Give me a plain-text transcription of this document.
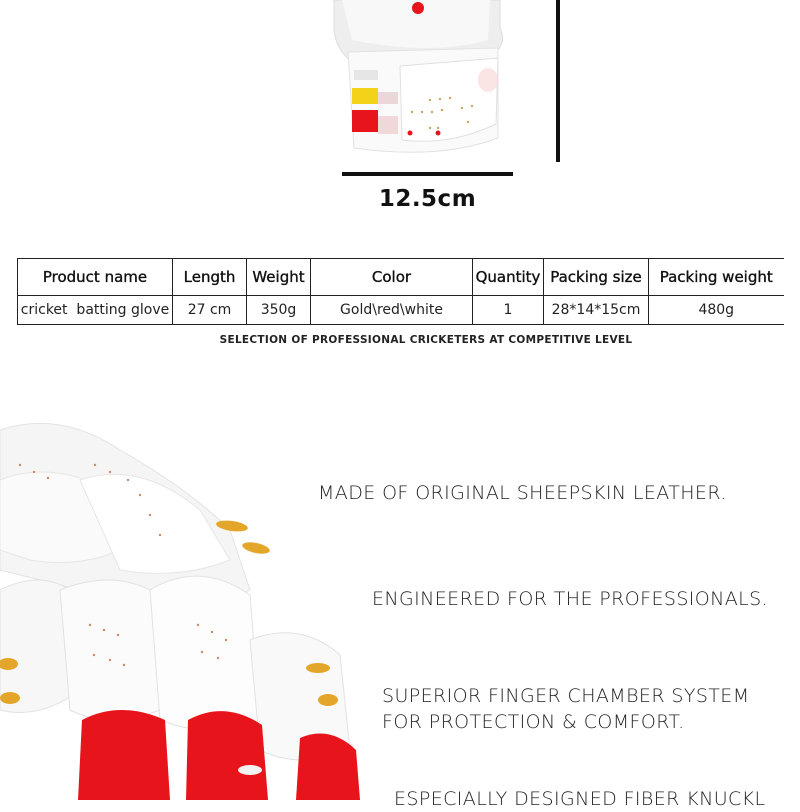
12.5cm
Product name	Length	Weight	Color	Quantity	Packing size	Packing weight
cricket  batting glove	27 cm	350g	Gold\red\white	1	28*14*15cm	480g
SELECTION OF PROFESSIONAL CRICKETERS AT COMPETITIVE LEVEL
MADE OF ORIGINAL SHEEPSKIN LEATHER.
ENGINEERED FOR THE PROFESSIONALS.
SUPERIOR FINGER CHAMBER SYSTEM
FOR PROTECTION & COMFORT.
ESPECIALLY DESIGNED FIBER KNUCKL
